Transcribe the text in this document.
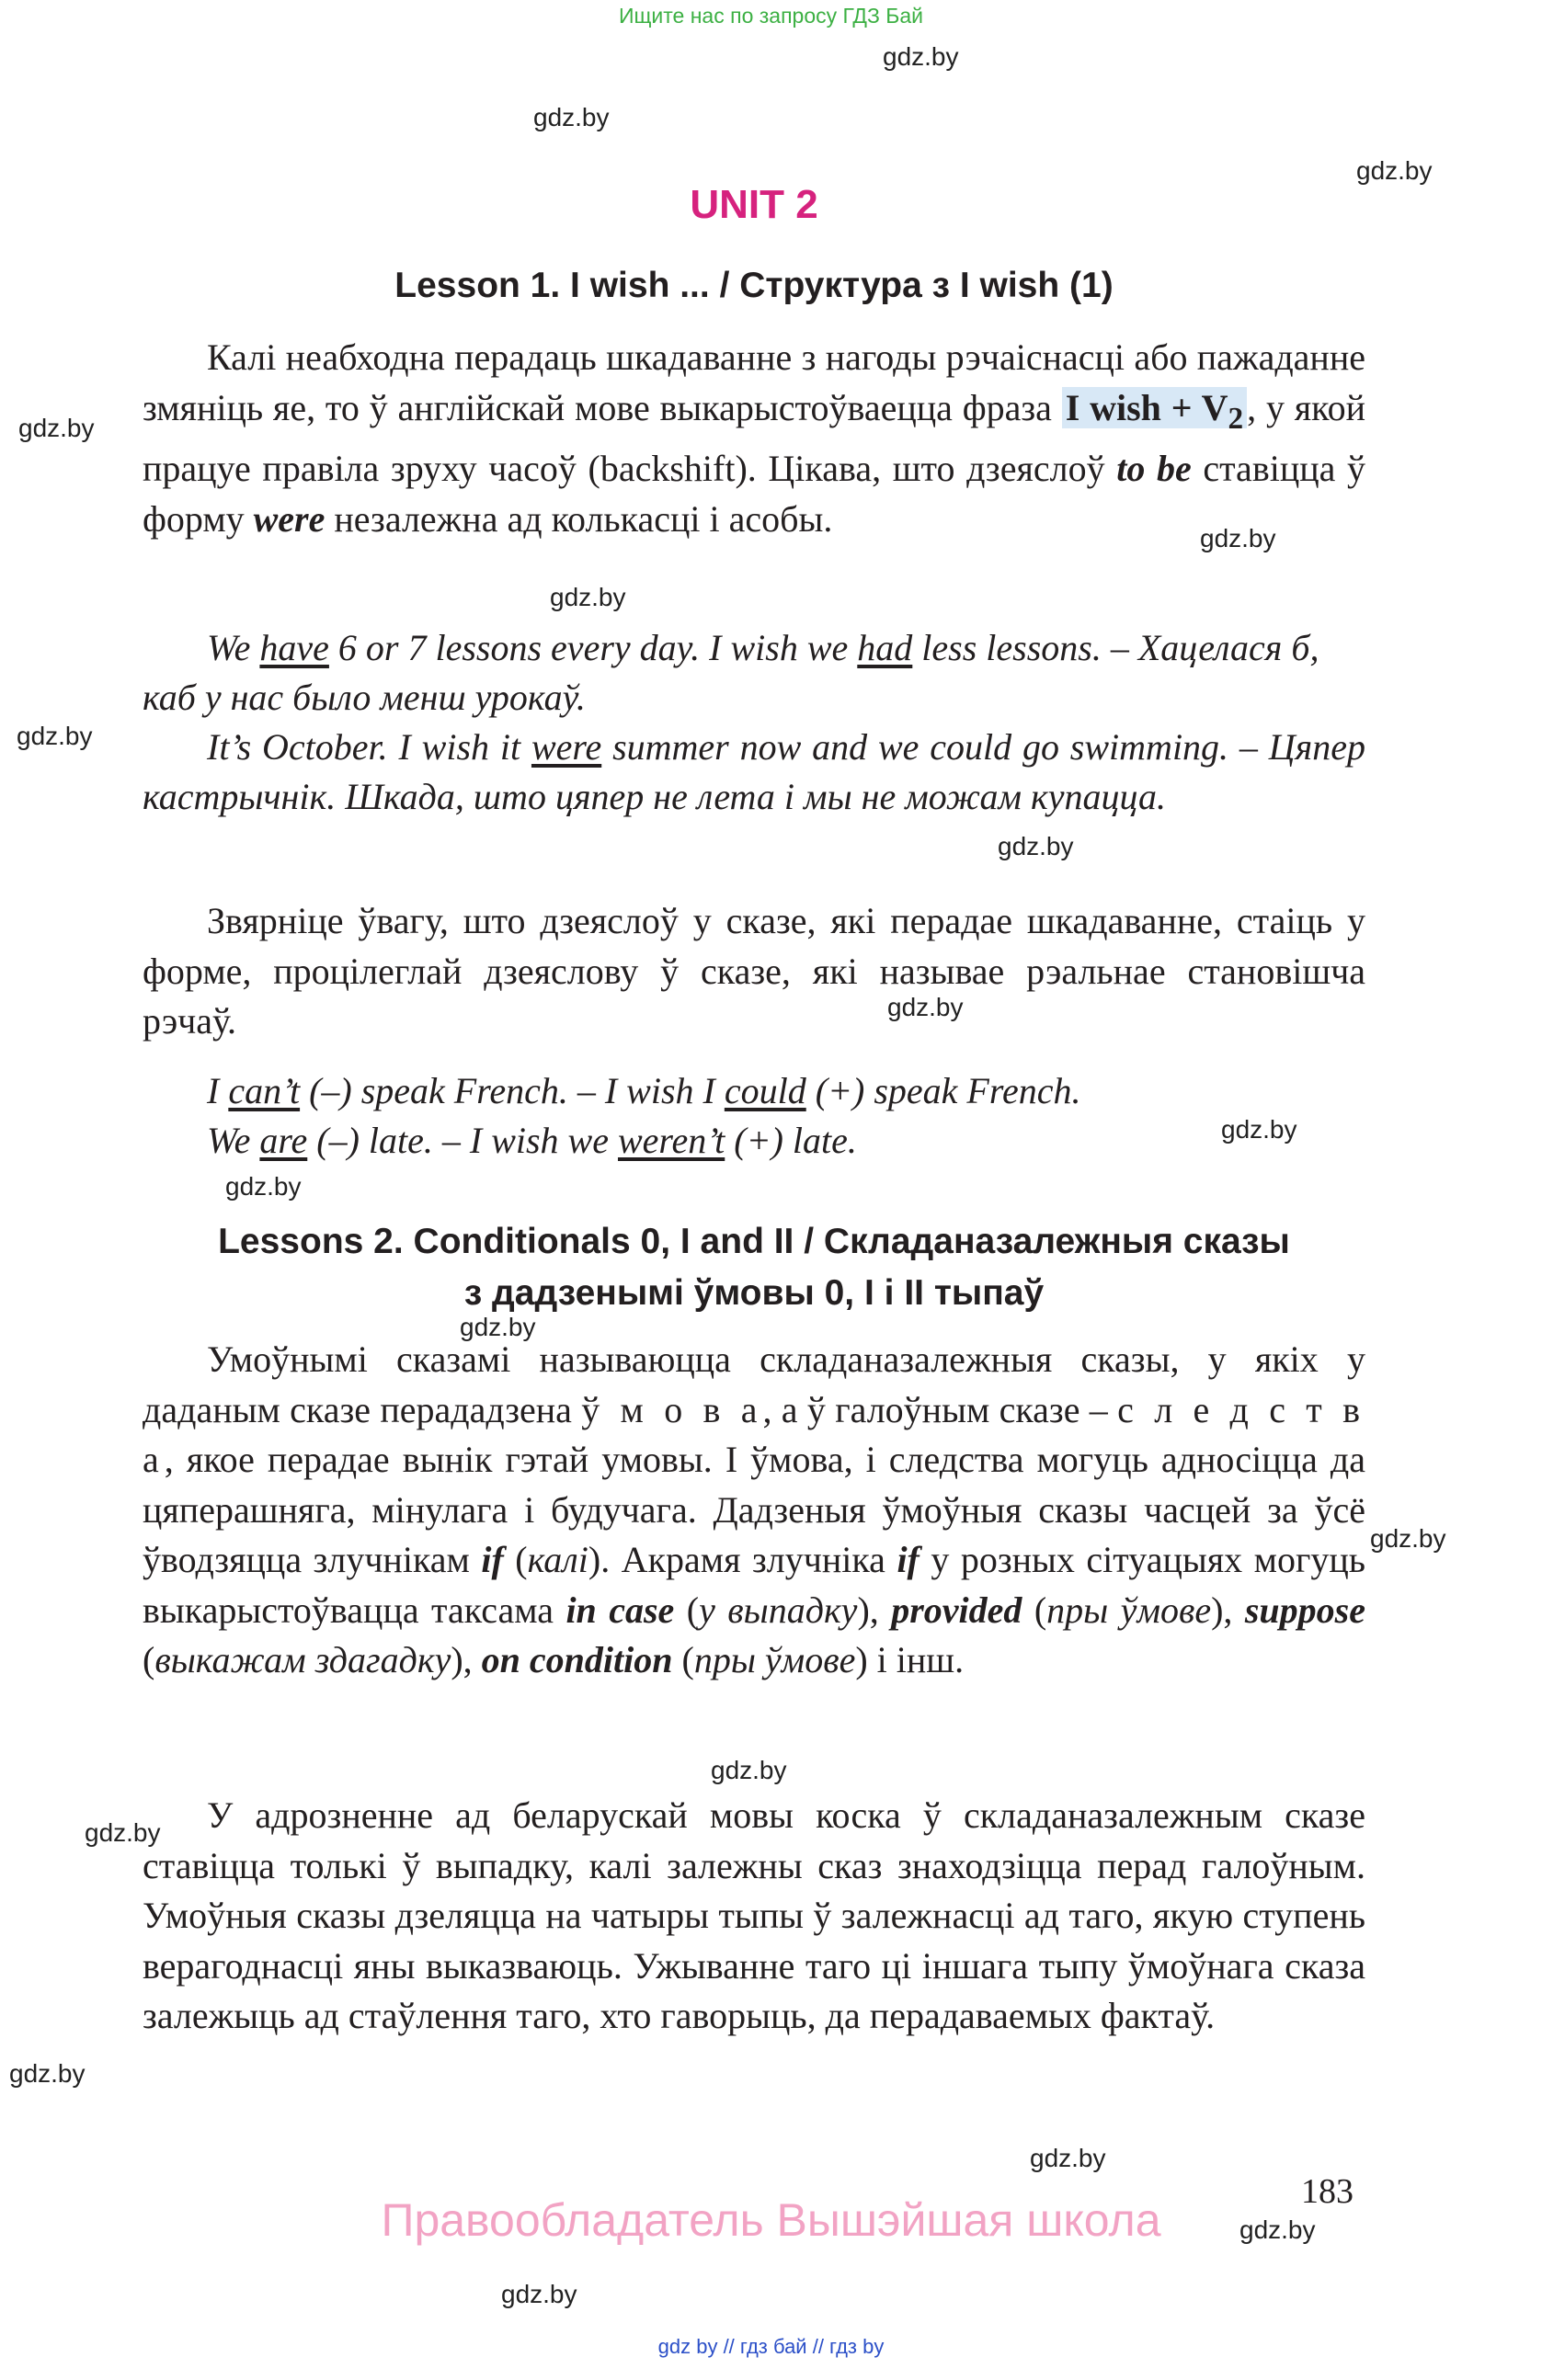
Ищите нас по запросу ГДЗ Бай
gdz.by
gdz.by
gdz.by
gdz.by
gdz.by
gdz.by
gdz.by
gdz.by
gdz.by
gdz.by
gdz.by
gdz.by
gdz.by
gdz.by
gdz.by
gdz.by
gdz.by
gdz.by
gdz.by
UNIT 2
Lesson 1. I wish ... / Структура з I wish (1)

Калі неабходна перадаць шкадаванне з нагоды рэчаіснасці або пажаданне змяніць яе, то ў англійскай мове выкарыстоўваецца фраза I wish + $V_2$ , у якой працуе правіла зруху часоў (backshift). Цікава, што дзеяслоў to be ставіцца ў форму were незалежна ад колькасці і асобы.

We have 6 or 7 lessons every day. I wish we had less lessons. – Хацелася б, каб у нас было менш урокаў.

It’s October. I wish it were summer now and we could go swimming. – Цяпер кастрычнік. Шкада, што цяпер не лета і мы не можам купацца.

Звярніце ўвагу, што дзеяслоў у сказе, які перадае шкадаванне, стаіць у форме, процілеглай дзеяслову ў сказе, які называе рэальнае становішча рэчаў.

I can’t (–) speak French. – I wish I could (+) speak French.

We are (–) late. – I wish we weren’t (+) late.

Lessons 2. Conditionals 0, I and II / Складаназалежныя сказы
з дадзенымі ўмовы 0, I і II тыпаў

Умоўнымі сказамі называюцца складаназалежныя сказы, у якіх у даданым сказе перададзена ў м о в а, а ў галоўным сказе – с л е д с т в а, якое перадае вынік гэтай умовы. І ўмова, і следства могуць адносіцца да цяперашняга, мінулага і будучага. Дадзеныя ўмоўныя сказы часцей за ўсё ўводзяцца злучнікам if (калі). Акрамя злучніка if у розных сітуацыях могуць выкарыстоўвацца таксама in case (у выпадку), provided (пры ўмове), suppose (выкажам здагадку), on condition (пры ўмове) і інш.

У адрозненне ад беларускай мовы коска ў складаназалежным сказе ставіцца толькі ў выпадку, калі залежны сказ знаходзіцца перад галоўным. Умоўныя сказы дзеляцца на чатыры тыпы ў залежнасці ад таго, якую ступень верагоднасці яны выказваюць. Ужыванне таго ці іншага тыпу ўмоўнага сказа залежыць ад стаўлення таго, хто гаворыць, да перадаваемых фактаў.

183
Правообладатель Вышэйшая школа
gdz by // гдз бай // гдз by
